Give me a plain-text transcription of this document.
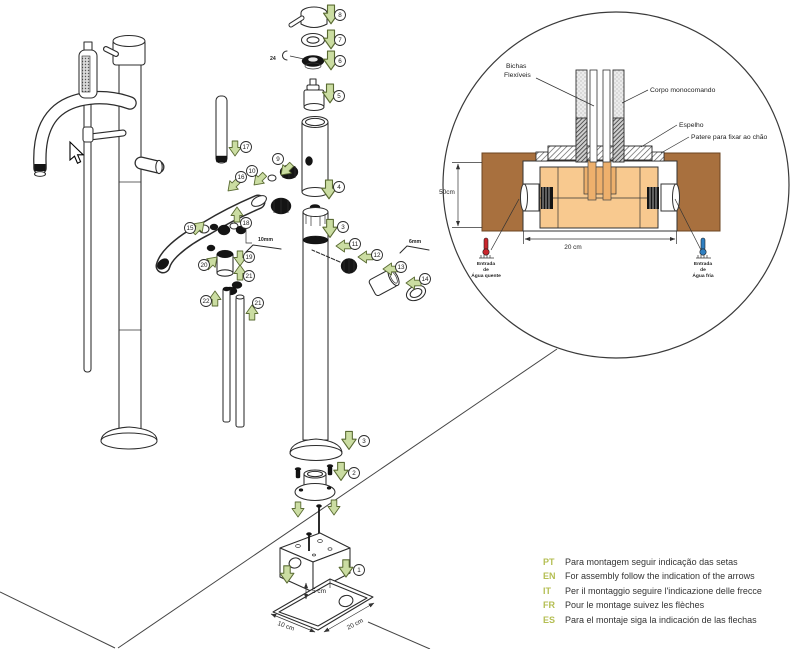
8
7
24	6
5
4
17
16
10
9
15
18
10mm
19
20
21
22	21
3
11
12
13
14
6mm
3
2
1
5 cm
10 cm	20 cm
50cm
20 cm
Bichas
Flexíveis
Corpo monocomando
Espelho
Patere para fixar ao chão
Entrada
de
Água quente
Entrada
de
Água fria
PT	Para montagem seguir indicação das setas
EN For assembly follow the indication of the arrows
IT	Per il montaggio seguire l'indicazione delle frecce
FR	Pour le montage suivez les flèches
ES	Para el montaje siga la indicación de las flechas
